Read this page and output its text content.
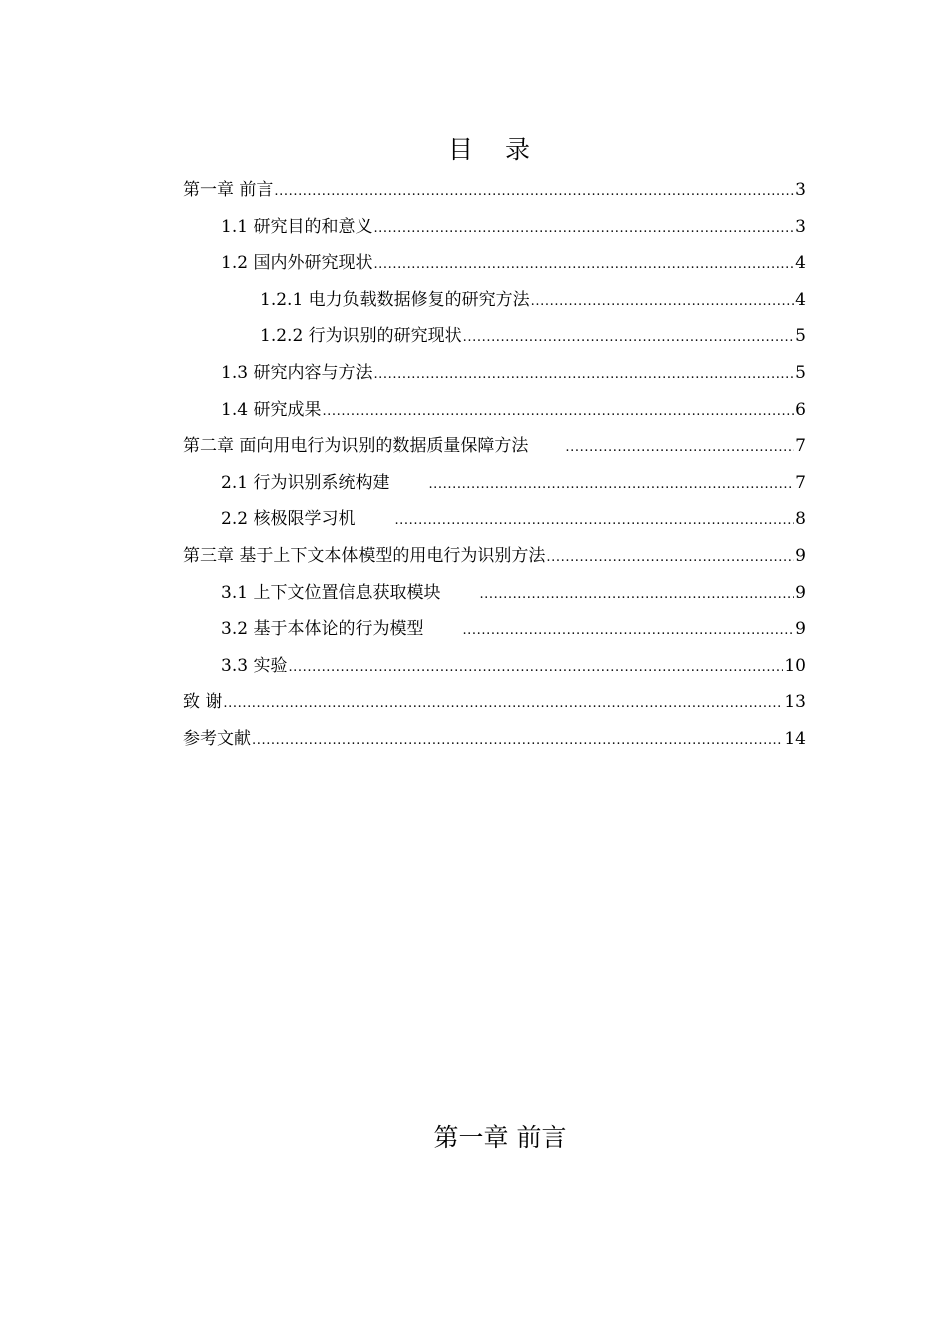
目 录
第一章 前言 .....	3
1.1 研究目的和意义 .....	3
1.2 国内外研究现状 .....	4
1.2.1 电力负载数据修复的研究方法 .....	4
1.2.2 行为识别的研究现状 .....	5
1.3 研究内容与方法 .....	5
1.4 研究成果 .....	6
第二章 面向用电行为识别的数据质量保障方法 .....	7
2.1 行为识别系统构建 .....	7
2.2 核极限学习机 .....	8
第三章 基于上下文本体模型的用电行为识别方法 .....	9
3.1 上下文位置信息获取模块 .....	9
3.2 基于本体论的行为模型 .....	9
3.3 实验 .....	10
致 谢 .....	13
参考文献 .....	14
第一章 前言
